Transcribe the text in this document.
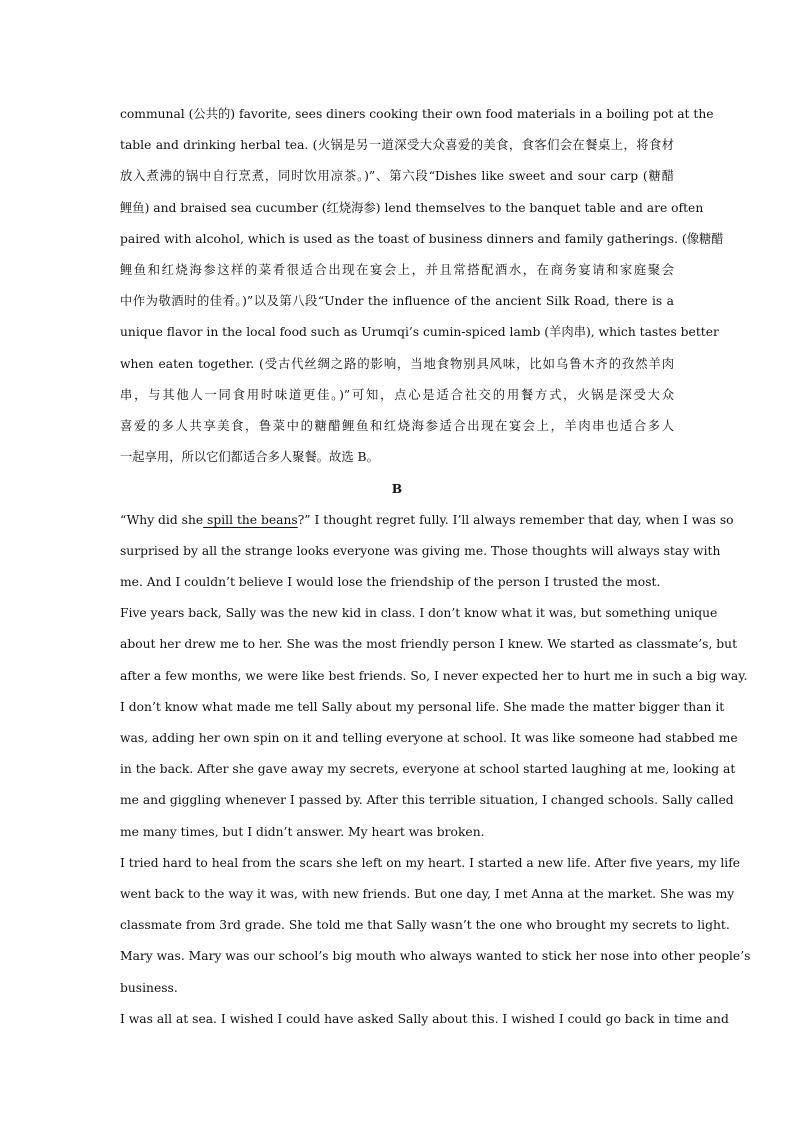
communal (公共的) favorite, sees diners cooking their own food materials in a boiling pot at the
table and drinking herbal tea. (火锅是另一道深受大众喜爱的美食，食客们会在餐桌上，将食材
放入煮沸的锅中自行烹煮，同时饮用凉茶。)”、第六段“Dishes like sweet and sour carp (糖醋
鲤鱼) and braised sea cucumber (红烧海参) lend themselves to the banquet table and are often
paired with alcohol, which is used as the toast of business dinners and family gatherings. (像糖醋
鲤鱼和红烧海参这样的菜肴很适合出现在宴会上，并且常搭配酒水，在商务宴请和家庭聚会
中作为敬酒时的佳肴。)”以及第八段“Under the influence of the ancient Silk Road, there is a
unique flavor in the local food such as Urumqi’s cumin-spiced lamb (羊肉串), which tastes better
when eaten together. (受古代丝绸之路的影响，当地食物别具风味，比如乌鲁木齐的孜然羊肉
串，与其他人一同食用时味道更佳。)”可知，点心是适合社交的用餐方式，火锅是深受大众
喜爱的多人共享美食，鲁菜中的糖醋鲤鱼和红烧海参适合出现在宴会上，羊肉串也适合多人
一起享用，所以它们都适合多人聚餐。故选 B。
B
“Why did she spill the beans?” I thought regret fully. I’ll always remember that day, when I was so
surprised by all the strange looks everyone was giving me. Those thoughts will always stay with
me. And I couldn’t believe I would lose the friendship of the person I trusted the most.
Five years back, Sally was the new kid in class. I don’t know what it was, but something unique
about her drew me to her. She was the most friendly person I knew. We started as classmate’s, but
after a few months, we were like best friends. So, I never expected her to hurt me in such a big way.
I don’t know what made me tell Sally about my personal life. She made the matter bigger than it
was, adding her own spin on it and telling everyone at school. It was like someone had stabbed me
in the back. After she gave away my secrets, everyone at school started laughing at me, looking at
me and giggling whenever I passed by. After this terrible situation, I changed schools. Sally called
me many times, but I didn’t answer. My heart was broken.
I tried hard to heal from the scars she left on my heart. I started a new life. After five years, my life
went back to the way it was, with new friends. But one day, I met Anna at the market. She was my
classmate from 3rd grade. She told me that Sally wasn’t the one who brought my secrets to light.
Mary was. Mary was our school’s big mouth who always wanted to stick her nose into other people’s
business.
I was all at sea. I wished I could have asked Sally about this. I wished I could go back in time and
